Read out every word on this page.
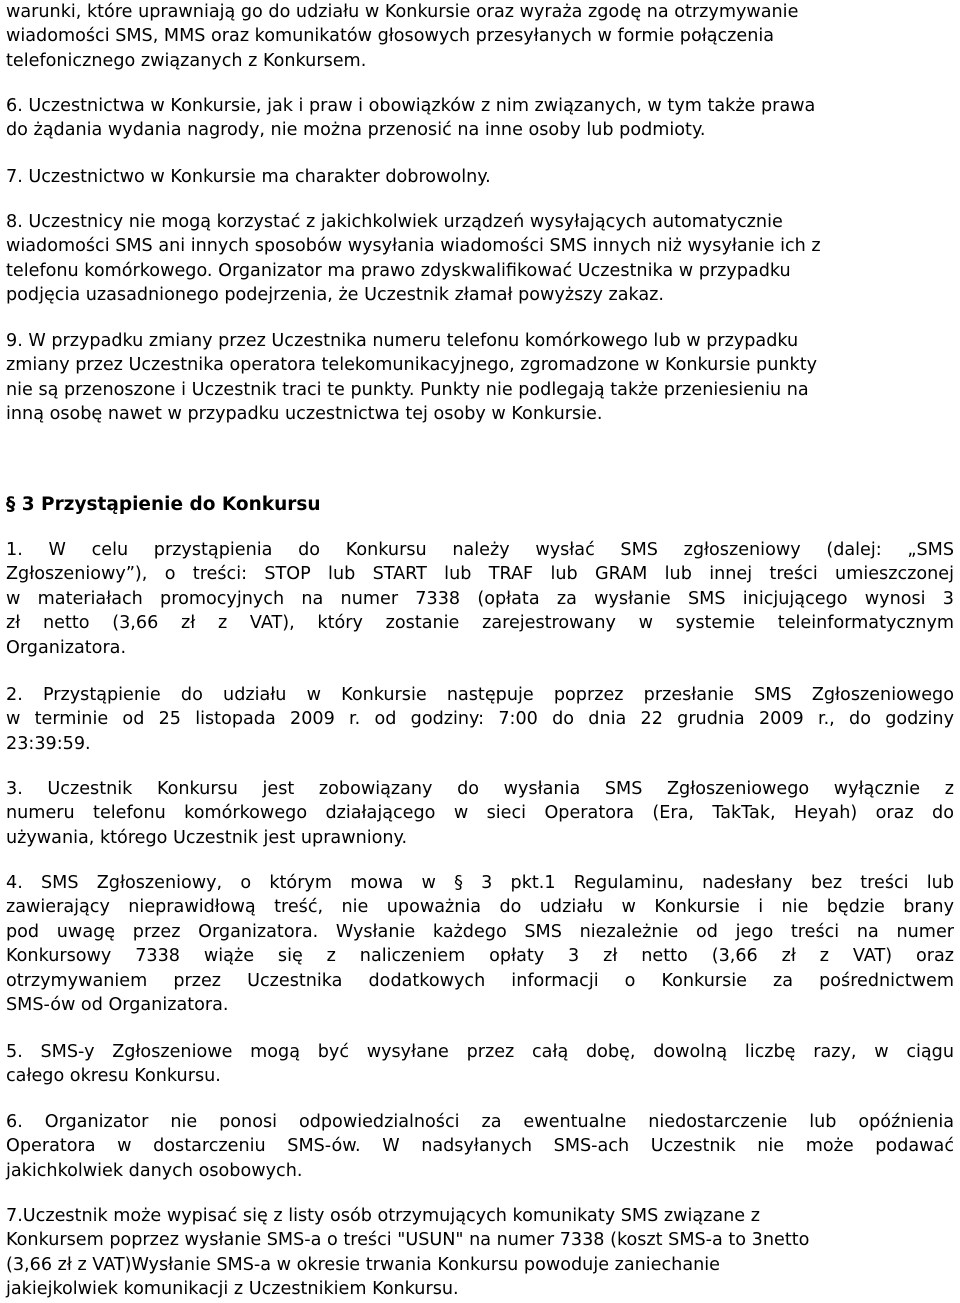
warunki, które uprawniają go do udziału w Konkursie oraz wyraża zgodę na otrzymywanie
wiadomości SMS, MMS oraz komunikatów głosowych przesyłanych w formie połączenia
telefonicznego związanych z Konkursem.

6. Uczestnictwa w Konkursie, jak i praw i obowiązków z nim związanych, w tym także prawa
do żądania wydania nagrody, nie można przenosić na inne osoby lub podmioty.

7. Uczestnictwo w Konkursie ma charakter dobrowolny.

8. Uczestnicy nie mogą korzystać z jakichkolwiek urządzeń wysyłających automatycznie
wiadomości SMS ani innych sposobów wysyłania wiadomości SMS innych niż wysyłanie ich z
telefonu komórkowego. Organizator ma prawo zdyskwalifikować Uczestnika w przypadku
podjęcia uzasadnionego podejrzenia, że Uczestnik złamał powyższy zakaz.

9. W przypadku zmiany przez Uczestnika numeru telefonu komórkowego lub w przypadku
zmiany przez Uczestnika operatora telekomunikacyjnego, zgromadzone w Konkursie punkty
nie są przenoszone i Uczestnik traci te punkty. Punkty nie podlegają także przeniesieniu na
inną osobę nawet w przypadku uczestnictwa tej osoby w Konkursie.

§ 3 Przystąpienie do Konkursu

1. W celu przystąpienia do Konkursu należy wysłać SMS zgłoszeniowy (dalej: „SMS
Zgłoszeniowy”), o treści: STOP lub START lub TRAF lub GRAM lub innej treści umieszczonej
w materiałach promocyjnych na numer 7338 (opłata za wysłanie SMS inicjującego wynosi 3
zł netto (3,66 zł z VAT), który zostanie zarejestrowany w systemie teleinformatycznym
Organizatora.

2. Przystąpienie do udziału w Konkursie następuje poprzez przesłanie SMS Zgłoszeniowego
w terminie od 25 listopada 2009 r. od godziny: 7:00 do dnia 22 grudnia 2009 r., do godziny
23:39:59.

3. Uczestnik Konkursu jest zobowiązany do wysłania SMS Zgłoszeniowego wyłącznie z
numeru telefonu komórkowego działającego w sieci Operatora (Era, TakTak, Heyah) oraz do
używania, którego Uczestnik jest uprawniony.

4. SMS Zgłoszeniowy, o którym mowa w § 3 pkt.1 Regulaminu, nadesłany bez treści lub
zawierający nieprawidłową treść, nie upoważnia do udziału w Konkursie i nie będzie brany
pod uwagę przez Organizatora. Wysłanie każdego SMS niezależnie od jego treści na numer
Konkursowy 7338 wiąże się z naliczeniem opłaty 3 zł netto (3,66 zł z VAT) oraz
otrzymywaniem przez Uczestnika dodatkowych informacji o Konkursie za pośrednictwem
SMS-ów od Organizatora.

5. SMS-y Zgłoszeniowe mogą być wysyłane przez całą dobę, dowolną liczbę razy, w ciągu
całego okresu Konkursu.

6. Organizator nie ponosi odpowiedzialności za ewentualne niedostarczenie lub opóźnienia
Operatora w dostarczeniu SMS-ów. W nadsyłanych SMS-ach Uczestnik nie może podawać
jakichkolwiek danych osobowych.

7.Uczestnik może wypisać się z listy osób otrzymujących komunikaty SMS związane z
Konkursem poprzez wysłanie SMS-a o treści "USUN" na numer 7338 (koszt SMS-a to 3netto
(3,66 zł z VAT)Wysłanie SMS-a w okresie trwania Konkursu powoduje zaniechanie
jakiejkolwiek komunikacji z Uczestnikiem Konkursu.
